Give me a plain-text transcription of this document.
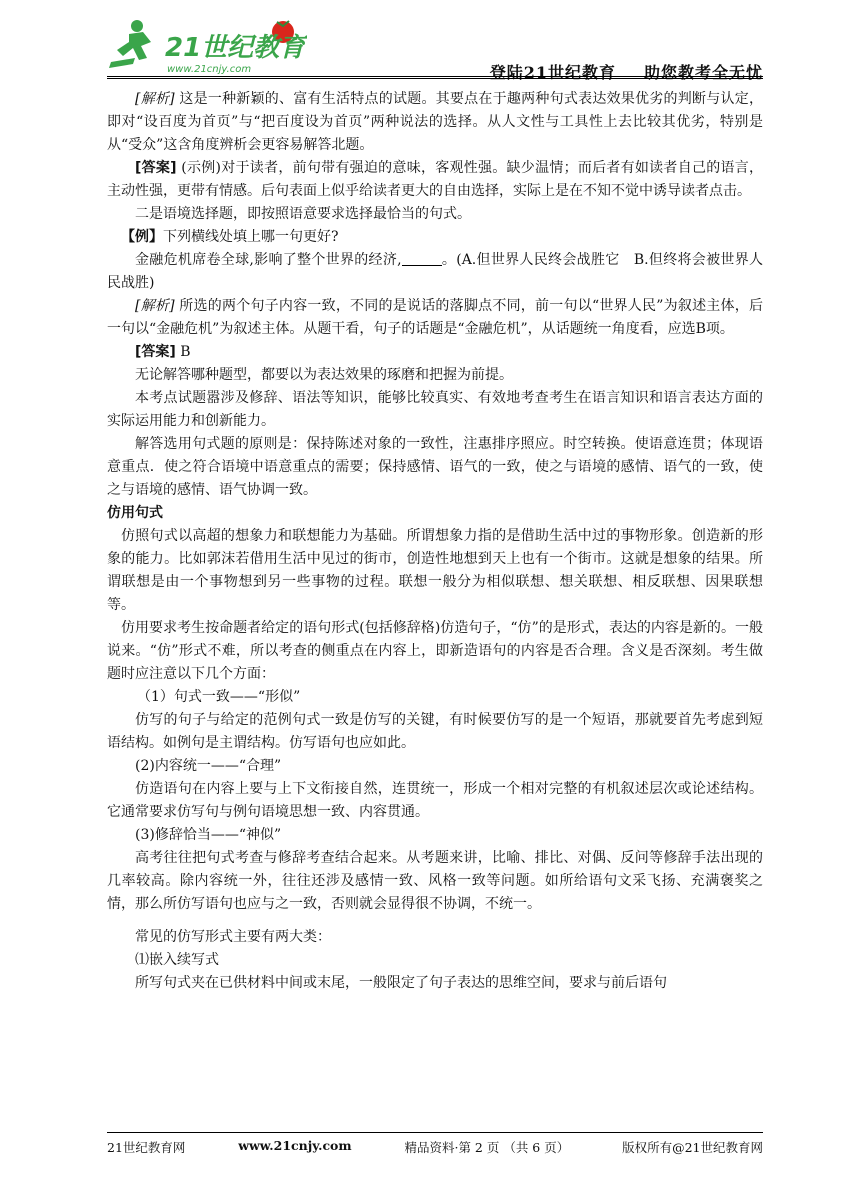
21世纪教育
www.21cnjy.com	登陆21世纪教育 助您教考全无忧

[解析] 这是一种新颖的、富有生活特点的试题。其要点在于趣两种句式表达效果优劣的判断与认定，即对“设百度为首页”与“把百度设为首页”两种说法的选择。从人文性与工具性上去比较其优劣，特别是从“受众”这含角度辨析会更容易解答北题。

[答案] (示例)对于读者，前句带有强迫的意味，客观性强。缺少温情；而后者有如读者自己的语言，主动性强，更带有情感。后句表面上似乎给读者更大的自由选择，实际上是在不知不觉中诱导读者点击。

二是语境选择题，即按照语意要求选择最恰当的句式。

【例】下列横线处填上哪一句更好?

金融危机席卷全球,影响了整个世界的经济,	。(A.但世界人民终会战胜它　B.但终将会被世界人民战胜)

[解析] 所选的两个句子内容一致，不同的是说话的落脚点不同，前一句以“世界人民”为叙述主体，后一句以“金融危机”为叙述主体。从题干看，句子的话题是“金融危机”，从话题统一角度看，应选B项。

[答案] B

无论解答哪种题型，都要以为表达效果的琢磨和把握为前提。

本考点试题嚣涉及修辞、语法等知识，能够比较真实、有效地考查考生在语言知识和语言表达方面的实际运用能力和创新能力。

解答选用句式题的原则是：保持陈述对象的一致性，注惠排序照应。时空转换。使语意连贯；体现语意重点．使之符合语境中语意重点的需要；保持感情、语气的一致，使之与语境的感情、语气的一致，使之与语境的感情、语气协调一致。

仿用句式

仿照句式以高超的想象力和联想能力为基础。所谓想象力指的是借助生活中过的事物形象。创造新的形象的能力。比如郭沫若借用生活中见过的街市，创造性地想到天上也有一个街市。这就是想象的结果。所谓联想是由一个事物想到另一些事物的过程。联想一般分为相似联想、想关联想、相反联想、因果联想等。

仿用要求考生按命题者给定的语句形式(包括修辞格)仿造句子，“仿”的是形式，表达的内容是新的。一般说来。“仿”形式不难，所以考查的侧重点在内容上，即新造语句的内容是否合理。含义是否深刻。考生做题时应注意以下几个方面：

（1）句式一致——“形似”

仿写的句子与给定的范例句式一致是仿写的关键，有时候要仿写的是一个短语，那就要首先考虑到短语结构。如例句是主谓结构。仿写语句也应如此。

(2)内容统一——“合理”

仿造语句在内容上要与上下文衔接自然，连贯统一，形成一个相对完整的有机叙述层次或论述结构。它通常要求仿写句与例句语境思想一致、内容贯通。

(3)修辞恰当——“神似”

高考往往把句式考查与修辞考查结合起来。从考题来讲，比喻、排比、对偶、反问等修辞手法出现的几率较高。除内容统一外，往往还涉及感情一致、风格一致等问题。如所给语句文采飞扬、充满褒奖之情，那么所仿写语句也应与之一致，否则就会显得很不协调，不统一。

常见的仿写形式主要有两大类：

⑴嵌入续写式

所写句式夹在已供材料中间或末尾，一般限定了句子表达的思维空间，要求与前后语句

21世纪教育网	www.21cnjy.com	精品资料·第 2 页 （共 6 页）	版权所有@21世纪教育网
